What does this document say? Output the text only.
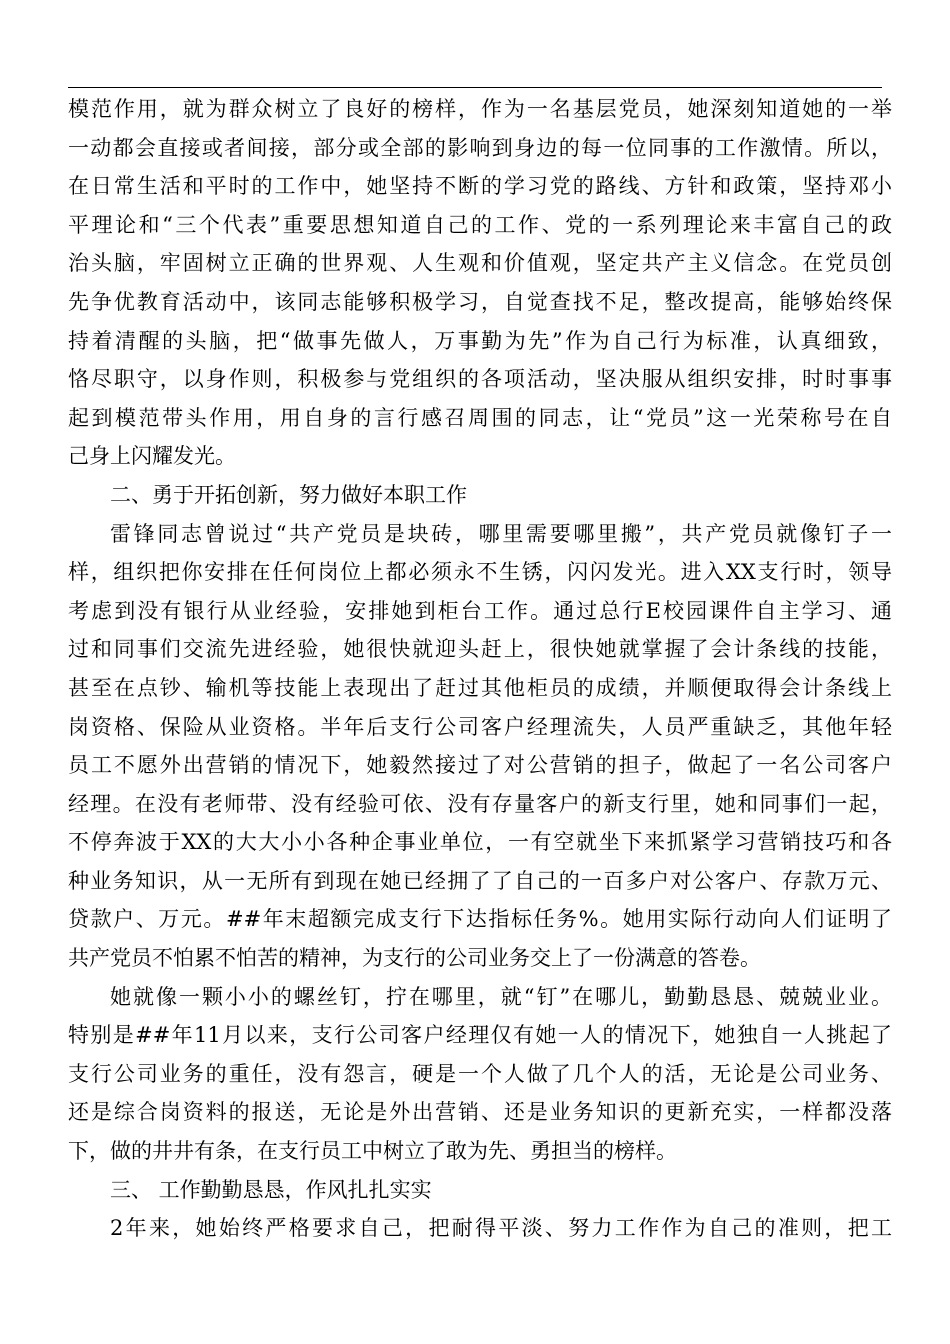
模范作用，就为群众树立了良好的榜样，作为一名基层党员，她深刻知道她的一举
一动都会直接或者间接，部分或全部的影响到身边的每一位同事的工作激情。所以，
在日常生活和平时的工作中，她坚持不断的学习党的路线、方针和政策，坚持邓小
平理论和“三个代表”重要思想知道自己的工作、党的一系列理论来丰富自己的政
治头脑，牢固树立正确的世界观、人生观和价值观，坚定共产主义信念。在党员创
先争优教育活动中，该同志能够积极学习，自觉查找不足，整改提高，能够始终保
持着清醒的头脑，把“做事先做人，万事勤为先”作为自己行为标准，认真细致，
恪尽职守，以身作则，积极参与党组织的各项活动，坚决服从组织安排，时时事事
起到模范带头作用，用自身的言行感召周围的同志，让“党员”这一光荣称号在自
己身上闪耀发光。
二、勇于开拓创新，努力做好本职工作
雷锋同志曾说过“共产党员是块砖，哪里需要哪里搬”，共产党员就像钉子一
样，组织把你安排在任何岗位上都必须永不生锈，闪闪发光。进入XX支行时，领导
考虑到没有银行从业经验，安排她到柜台工作。通过总行E校园课件自主学习、通
过和同事们交流先进经验，她很快就迎头赶上，很快她就掌握了会计条线的技能，
甚至在点钞、输机等技能上表现出了赶过其他柜员的成绩，并顺便取得会计条线上
岗资格、保险从业资格。半年后支行公司客户经理流失，人员严重缺乏，其他年轻
员工不愿外出营销的情况下，她毅然接过了对公营销的担子，做起了一名公司客户
经理。在没有老师带、没有经验可依、没有存量客户的新支行里，她和同事们一起，
不停奔波于XX的大大小小各种企事业单位，一有空就坐下来抓紧学习营销技巧和各
种业务知识，从一无所有到现在她已经拥了了自己的一百多户对公客户、存款万元、
贷款户、万元。##年末超额完成支行下达指标任务%。她用实际行动向人们证明了
共产党员不怕累不怕苦的精神，为支行的公司业务交上了一份满意的答卷。
她就像一颗小小的螺丝钉，拧在哪里，就“钉”在哪儿，勤勤恳恳、兢兢业业。
特别是##年11月以来，支行公司客户经理仅有她一人的情况下，她独自一人挑起了
支行公司业务的重任，没有怨言，硬是一个人做了几个人的活，无论是公司业务、
还是综合岗资料的报送，无论是外出营销、还是业务知识的更新充实，一样都没落
下，做的井井有条，在支行员工中树立了敢为先、勇担当的榜样。
三、 工作勤勤恳恳，作风扎扎实实
2年来，她始终严格要求自己，把耐得平淡、努力工作作为自己的准则，把工
